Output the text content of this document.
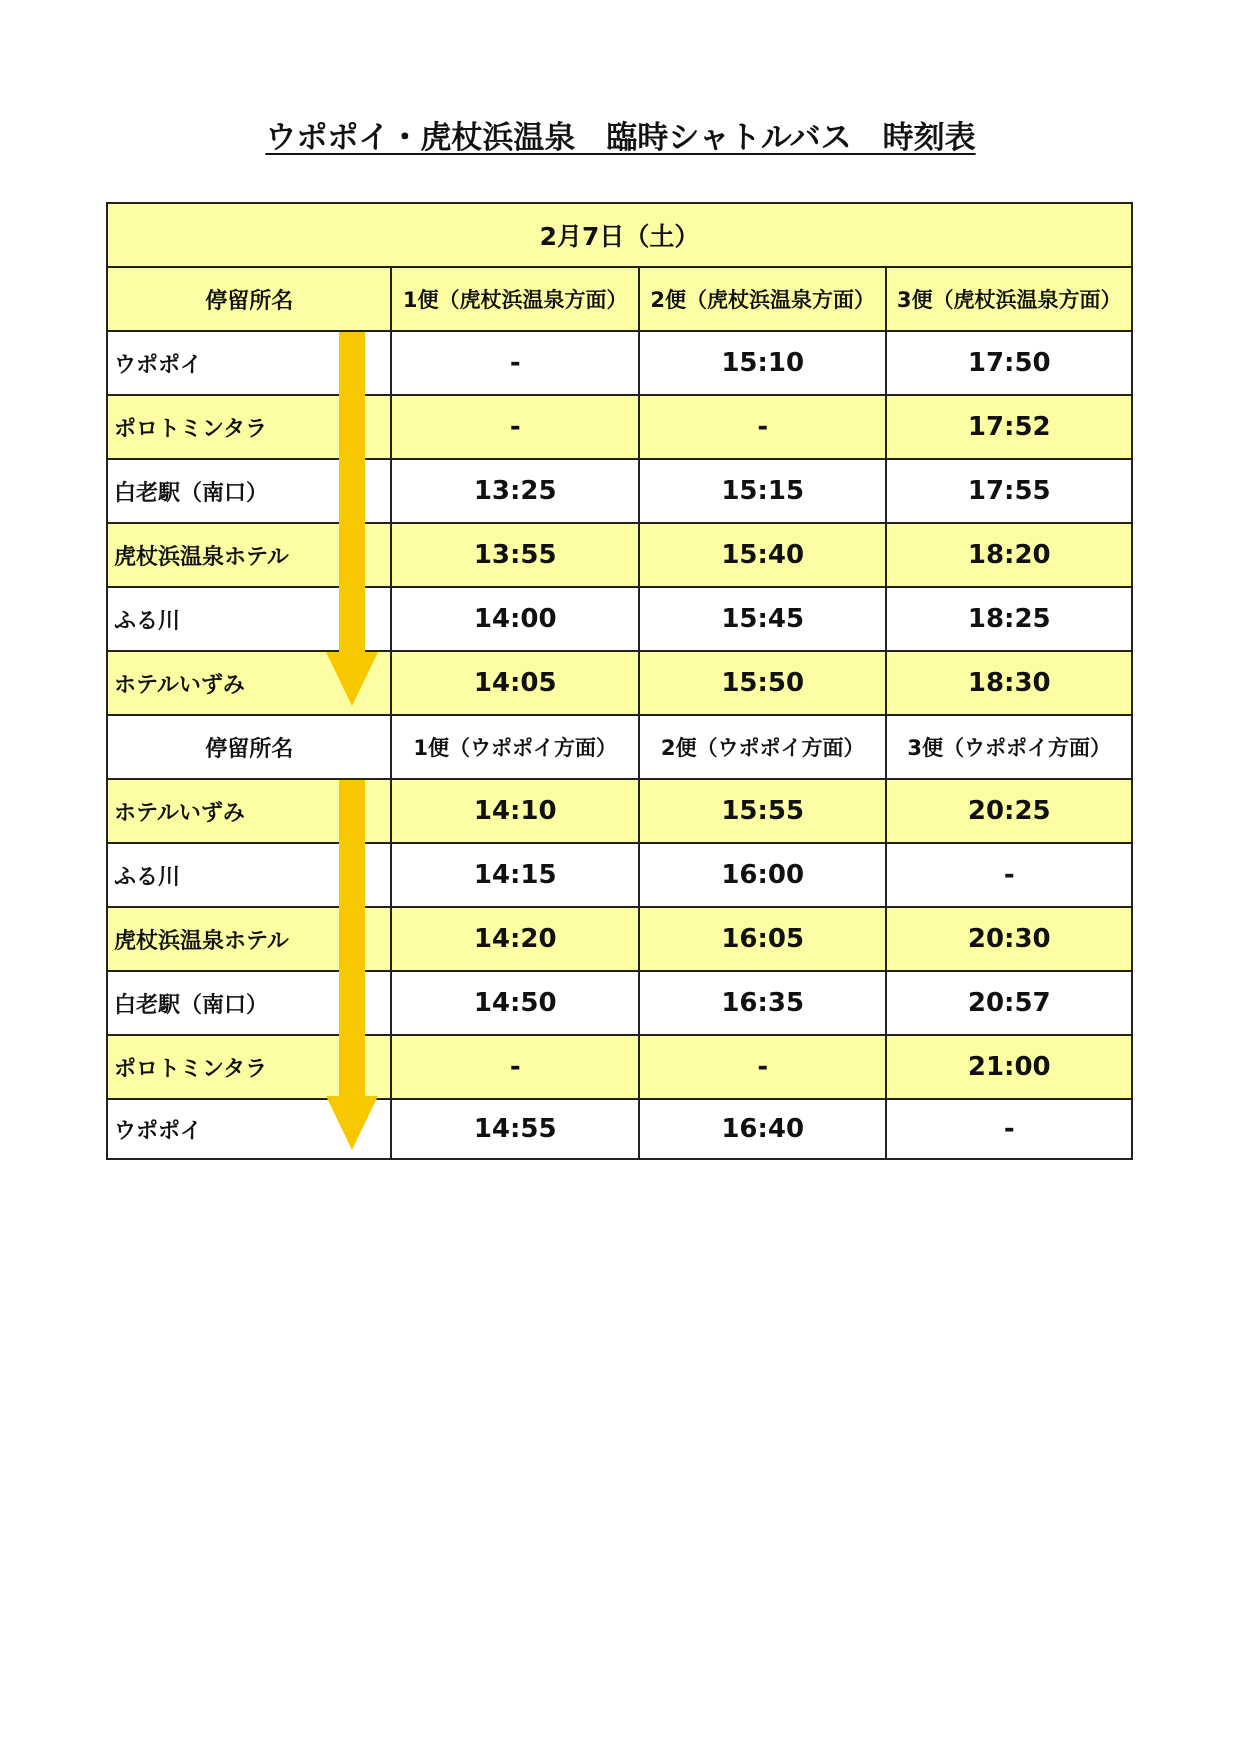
ウポポイ・虎杖浜温泉　臨時シャトルバス　時刻表
2月7日（土）
停留所名	1便（虎杖浜温泉方面）	2便（虎杖浜温泉方面）	3便（虎杖浜温泉方面）
ウポポイ	-	15:10	17:50
ポロトミンタラ	-	-	17:52
白老駅（南口）	13:25	15:15	17:55
虎杖浜温泉ホテル	13:55	15:40	18:20
ふる川	14:00	15:45	18:25
ホテルいずみ	14:05	15:50	18:30
停留所名	1便（ウポポイ方面）	2便（ウポポイ方面）	3便（ウポポイ方面）
ホテルいずみ	14:10	15:55	20:25
ふる川	14:15	16:00	-
虎杖浜温泉ホテル	14:20	16:05	20:30
白老駅（南口）	14:50	16:35	20:57
ポロトミンタラ	-	-	21:00
ウポポイ	14:55	16:40	-
